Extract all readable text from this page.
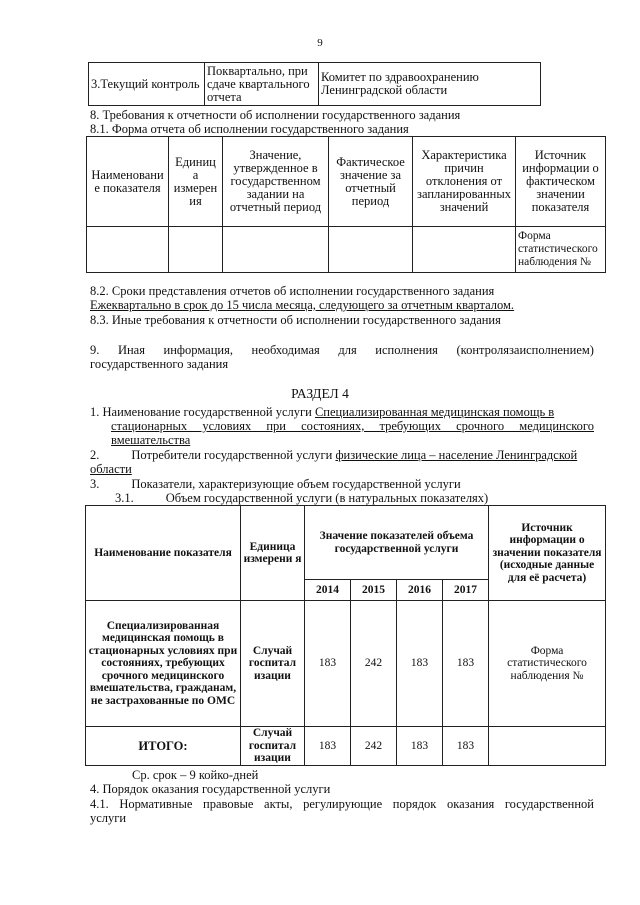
9
3.Текущий контроль	Поквартально, при сдаче квартального отчета	Комитет по здравоохранению Ленинградской области
8. Требования к отчетности об исполнении государственного задания
8.1. Форма отчета об исполнении государственного задания
Наименовани е показателя	Единиц а измерен ия	Значение, утвержденное в государственном задании на отчетный период	Фактическое значение за отчетный период	Характеристика причин отклонения от запланированных значений	Источник информации о фактическом значении показателя
					Форма статистического наблюдения №
8.2. Сроки представления отчетов об исполнении государственного задания
Ежеквартально в срок до 15 числа месяца, следующего за отчетным кварталом.
8.3. Иные требования к отчетности об исполнении государственного задания
9. Иная информация, необходимая для исполнения (контролязаисполнением)
государственного задания
РАЗДЕЛ 4
1. Наименование государственной услуги Специализированная медицинская помощь в
стационарных условиях при состояниях, требующих срочного медицинского
вмешательства
2.	Потребители государственной услуги физические лица – население Ленинградской
области
3.	Показатели, характеризующие объем государственной услуги
3.1.	Объем государственной услуги (в натуральных показателях)
Наименование показателя	Единица измерени я	Значение показателей объема государственной услуги				Источник информации о значении показателя (исходные данные для её расчета)
		2014	2015	2016	2017	
Специализированная медицинская помощь в стационарных условиях при состояниях, требующих срочного медицинского вмешательства, гражданам, не застрахованные по ОМС	Случай госпитал изации	183	242	183	183	Форма статистического наблюдения №
ИТОГО:	Случай госпитал изации	183	242	183	183	
Ср. срок – 9 койко-дней
4. Порядок оказания государственной услуги
4.1. Нормативные правовые акты, регулирующие порядок оказания государственной
услуги
